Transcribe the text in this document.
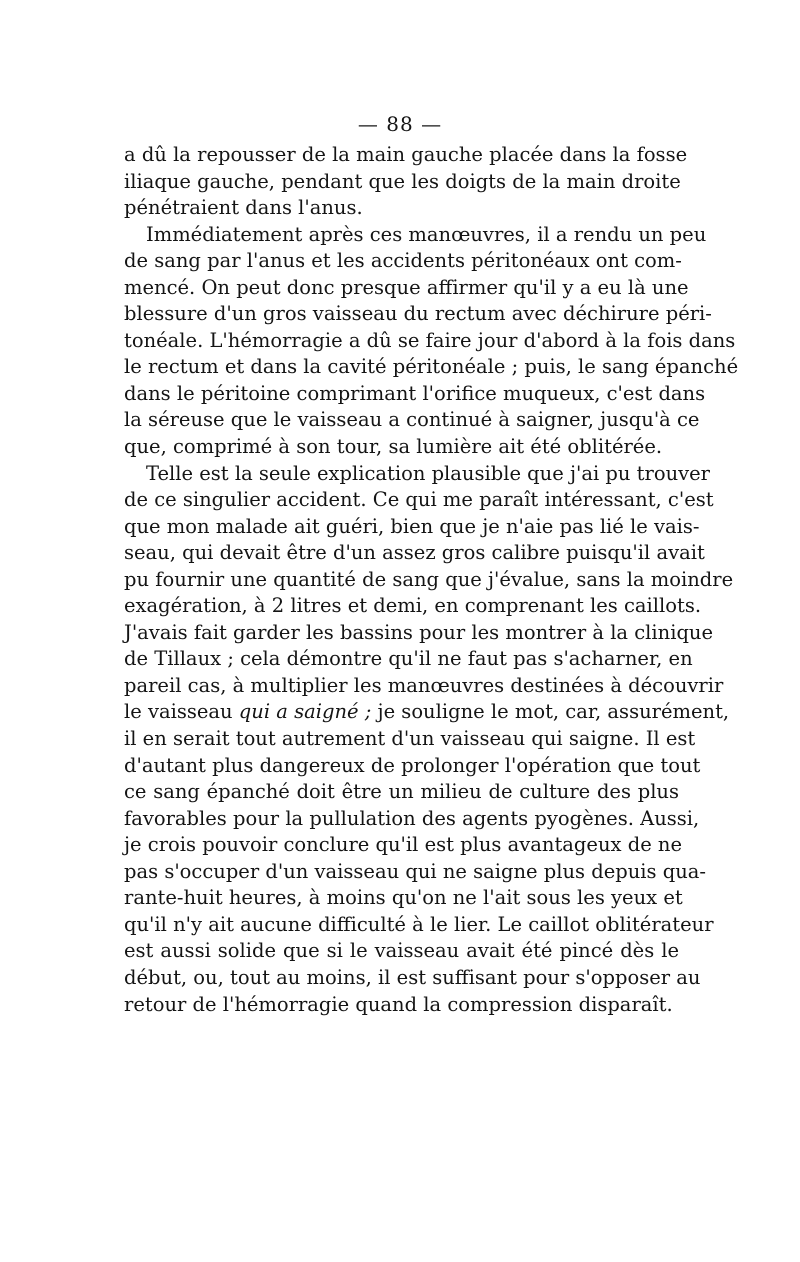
— 88 —
a dû la repousser de la main gauche placée dans la fosse
iliaque gauche, pendant que les doigts de la main droite
pénétraient dans l'anus.
Immédiatement après ces manœuvres, il a rendu un peu
de sang par l'anus et les accidents péritonéaux ont com-
mencé. On peut donc presque affirmer qu'il y a eu là une
blessure d'un gros vaisseau du rectum avec déchirure péri-
tonéale. L'hémorragie a dû se faire jour d'abord à la fois dans
le rectum et dans la cavité péritonéale ; puis, le sang épanché
dans le péritoine comprimant l'orifice muqueux, c'est dans
la séreuse que le vaisseau a continué à saigner, jusqu'à ce
que, comprimé à son tour, sa lumière ait été oblitérée.
Telle est la seule explication plausible que j'ai pu trouver
de ce singulier accident. Ce qui me paraît intéressant, c'est
que mon malade ait guéri, bien que je n'aie pas lié le vais-
seau, qui devait être d'un assez gros calibre puisqu'il avait
pu fournir une quantité de sang que j'évalue, sans la moindre
exagération, à 2 litres et demi, en comprenant les caillots.
J'avais fait garder les bassins pour les montrer à la clinique
de Tillaux ; cela démontre qu'il ne faut pas s'acharner, en
pareil cas, à multiplier les manœuvres destinées à découvrir
le vaisseau qui a saigné ; je souligne le mot, car, assurément,
il en serait tout autrement d'un vaisseau qui saigne. Il est
d'autant plus dangereux de prolonger l'opération que tout
ce sang épanché doit être un milieu de culture des plus
favorables pour la pullulation des agents pyogènes. Aussi,
je crois pouvoir conclure qu'il est plus avantageux de ne
pas s'occuper d'un vaisseau qui ne saigne plus depuis qua-
rante-huit heures, à moins qu'on ne l'ait sous les yeux et
qu'il n'y ait aucune difficulté à le lier. Le caillot oblitérateur
est aussi solide que si le vaisseau avait été pincé dès le
début, ou, tout au moins, il est suffisant pour s'opposer au
retour de l'hémorragie quand la compression disparaît.
